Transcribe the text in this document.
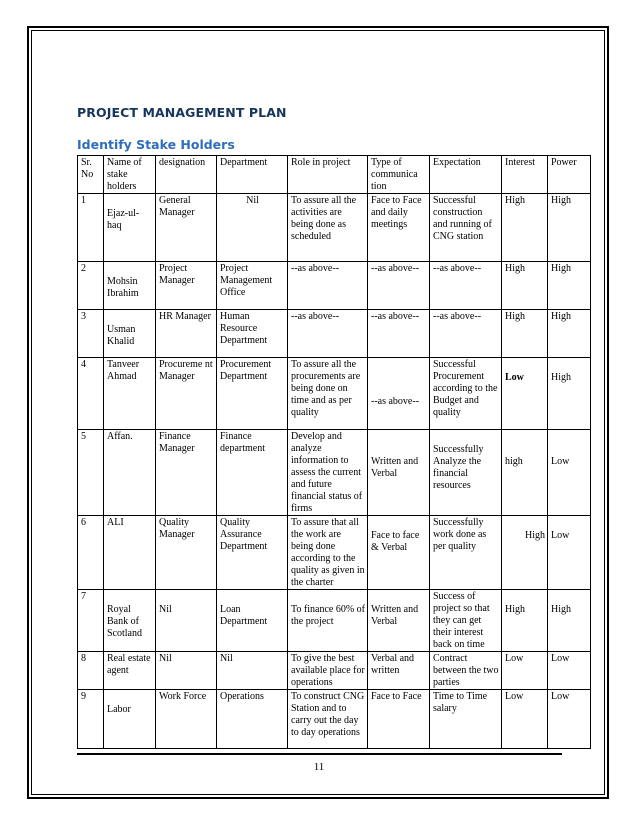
PROJECT MANAGEMENT PLAN
Identify Stake Holders
Sr. No	Name of stake holders	designation	Department	Role in project	Type of communica tion	Expectation	Interest	Power
1	Ejaz-ul-haq	General Manager	Nil	To assure all the activities are being done as scheduled	Face to Face and daily meetings	Successful construction and running of CNG station	High	High
2	Mohsin Ibrahim	Project Manager	Project Management Office	--as above--	--as above--	--as above--	High	High
3	Usman Khalid	HR Manager	Human Resource Department	--as above--	--as above--	--as above--	High	High
4	Tanveer Ahmad	Procureme nt Manager	Procurement Department	To assure all the procurements are being done on time and as per quality	--as above--	Successful Procurement according to the Budget and quality	Low	High

5	Affan.	Finance Manager	Finance department	Develop and analyze information to assess the current and future financial status of firms	Written and Verbal	Successfully Analyze the financial resources	high	Low

6	ALI	Quality Manager	Quality Assurance Department	To assure that all the work are being done according to the quality as given in the charter	Face to face & Verbal	Successfully work done as per quality	High	Low

7	Royal Bank of Scotland	Nil	Loan Department	To finance 60% of the project	Written and Verbal	Success of project so that they can get their interest back on time	High	High

8	Real estate agent	Nil	Nil	To give the best available place for operations	Verbal and written	Contract between the two parties	Low	Low
9	Labor	Work Force	Operations	To construct CNG Station and to carry out the day to day operations	Face to Face	Time to Time salary	Low	Low
11
